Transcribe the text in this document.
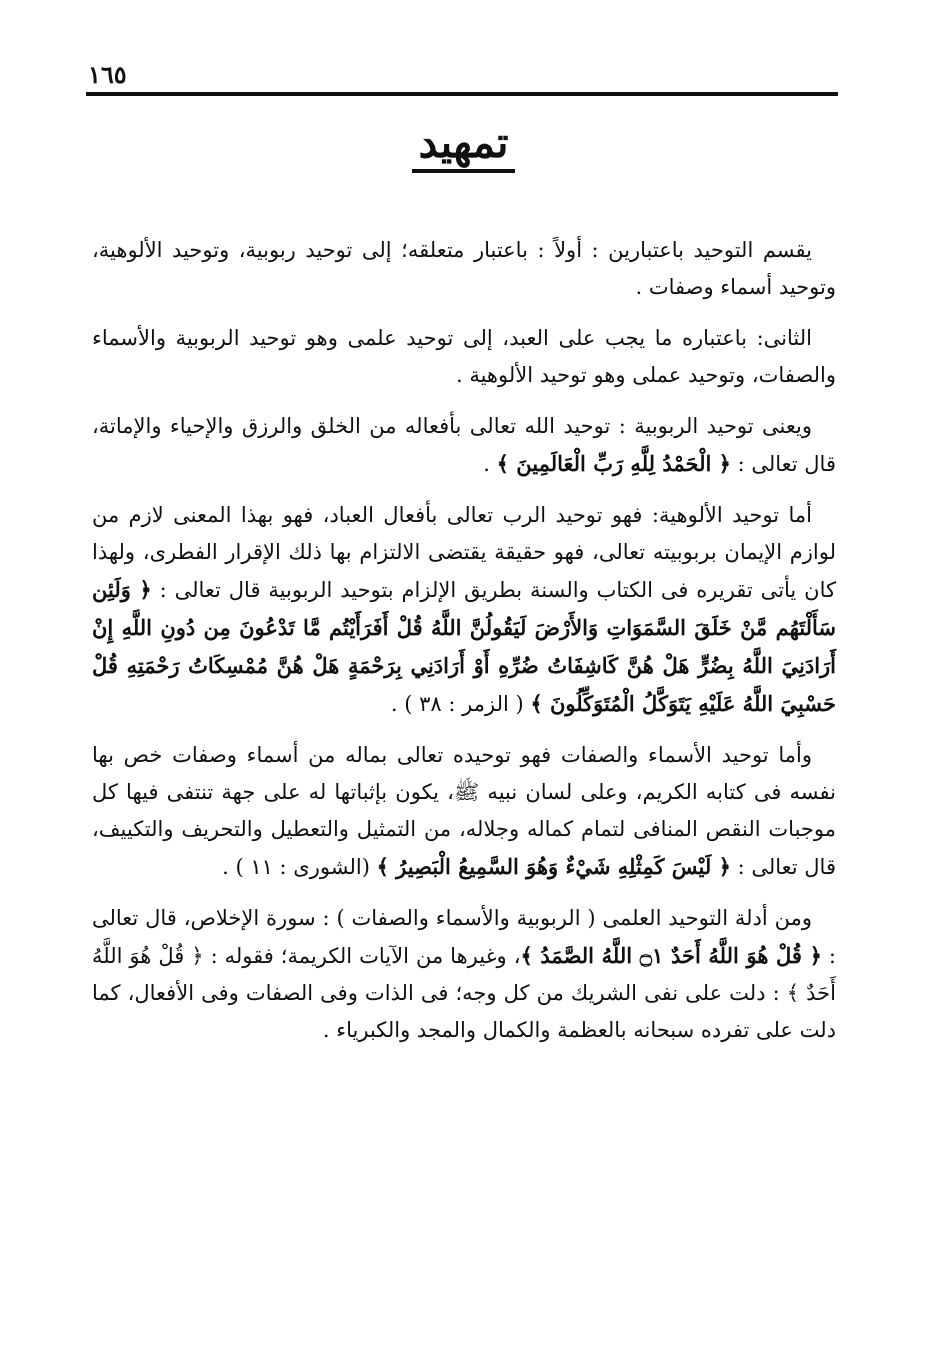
١٦٥
تمهيد

يقسم التوحيد باعتبارين : أولاً : باعتبار متعلقه؛ إلى توحيد ربوبية، وتوحيد الألوهية، وتوحيد أسماء وصفات .

الثانى: باعتباره ما يجب على العبد، إلى توحيد علمى وهو توحيد الربوبية والأسماء والصفات، وتوحيد عملى وهو توحيد الألوهية .

ويعنى توحيد الربوبية : توحيد الله تعالى بأفعاله من الخلق والرزق والإحياء والإماتة، قال تعالى : ﴿ الْحَمْدُ لِلَّهِ رَبِّ الْعَالَمِينَ ﴾ .

أما توحيد الألوهية: فهو توحيد الرب تعالى بأفعال العباد، فهو بهذا المعنى لازم من لوازم الإيمان بربوبيته تعالى، فهو حقيقة يقتضى الالتزام بها ذلك الإقرار الفطرى، ولهذا كان يأتى تقريره فى الكتاب والسنة بطريق الإلزام بتوحيد الربوبية قال تعالى : ﴿ وَلَئِن سَأَلْتَهُم مَّنْ خَلَقَ السَّمَوَاتِ وَالأَرْضَ لَيَقُولُنَّ اللَّهُ قُلْ أَفَرَأَيْتُم مَّا تَدْعُونَ مِن دُونِ اللَّهِ إِنْ أَرَادَنِيَ اللَّهُ بِضُرٍّ هَلْ هُنَّ كَاشِفَاتُ ضُرِّهِ أَوْ أَرَادَنِي بِرَحْمَةٍ هَلْ هُنَّ مُمْسِكَاتُ رَحْمَتِهِ قُلْ حَسْبِيَ اللَّهُ عَلَيْهِ يَتَوَكَّلُ الْمُتَوَكِّلُونَ ﴾ ( الزمر : ٣٨ ) .

وأما توحيد الأسماء والصفات فهو توحيده تعالى بماله من أسماء وصفات خص بها نفسه فى كتابه الكريم، وعلى لسان نبيه ﷺ، يكون بإثباتها له على جهة تنتفى فيها كل موجبات النقص المنافى لتمام كماله وجلاله، من التمثيل والتعطيل والتحريف والتكييف، قال تعالى : ﴿ لَيْسَ كَمِثْلِهِ شَيْءٌ وَهُوَ السَّمِيعُ الْبَصِيرُ ﴾ (الشورى : ١١ ) .

ومن أدلة التوحيد العلمى ( الربوبية والأسماء والصفات ) : سورة الإخلاص، قال تعالى : ﴿ قُلْ هُوَ اللَّهُ أَحَدٌ ۝١ اللَّهُ الصَّمَدُ ﴾، وغيرها من الآيات الكريمة؛ فقوله : ﴿ قُلْ هُوَ اللَّهُ أَحَدٌ ﴾ : دلت على نفى الشريك من كل وجه؛ فى الذات وفى الصفات وفى الأفعال، كما دلت على تفرده سبحانه بالعظمة والكمال والمجد والكبرياء .
